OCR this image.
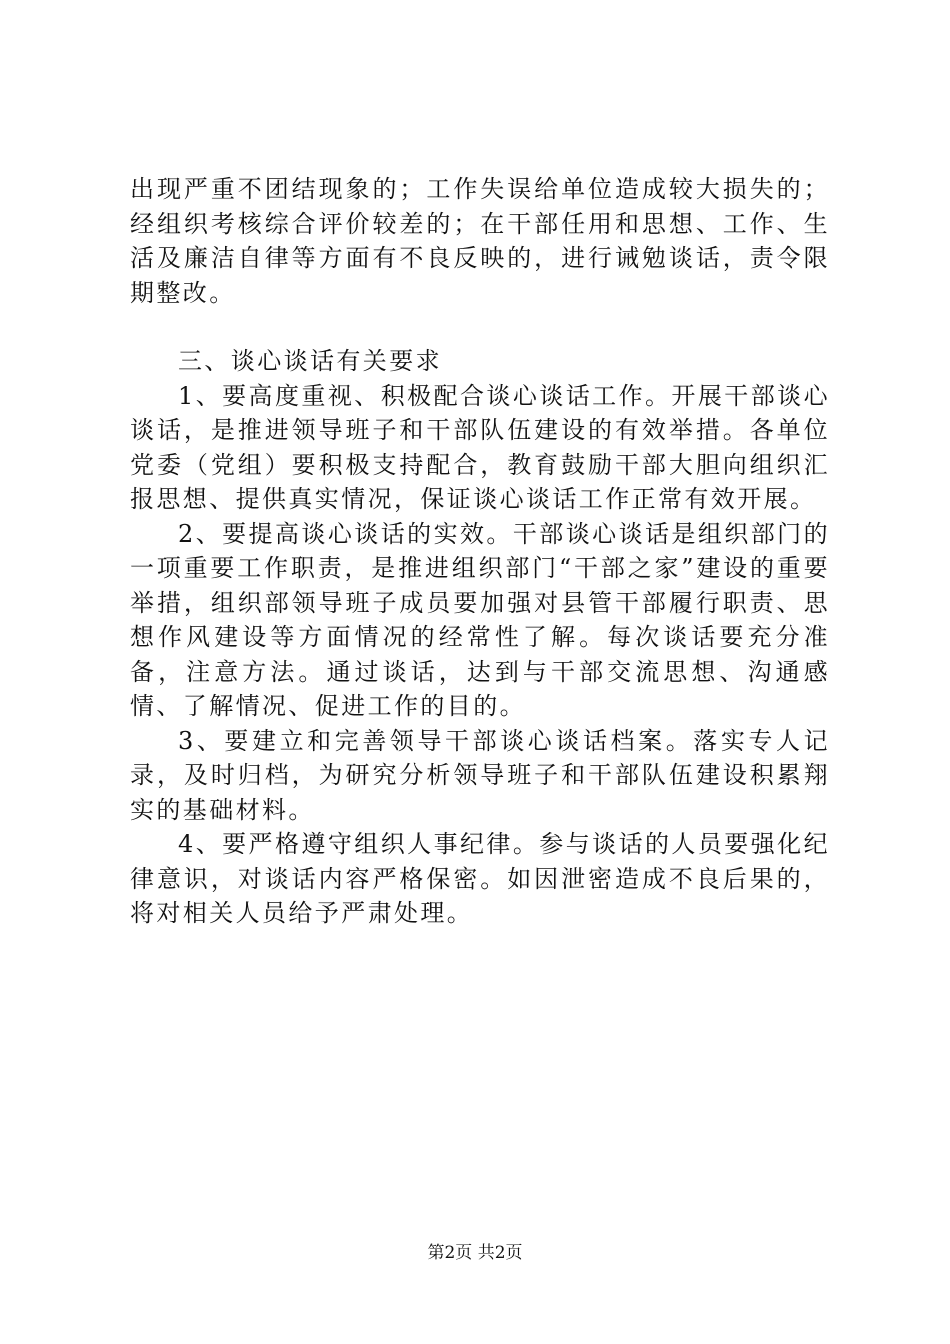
出现严重不团结现象的；工作失误给单位造成较大损失的；经组织考核综合评价较差的；在干部任用和思想、工作、生活及廉洁自律等方面有不良反映的，进行诫勉谈话，责令限期整改。

三、谈心谈话有关要求

1、要高度重视、积极配合谈心谈话工作。开展干部谈心谈话，是推进领导班子和干部队伍建设的有效举措。各单位党委（党组）要积极支持配合，教育鼓励干部大胆向组织汇报思想、提供真实情况，保证谈心谈话工作正常有效开展。

2、要提高谈心谈话的实效。干部谈心谈话是组织部门的一项重要工作职责，是推进组织部门“干部之家”建设的重要举措，组织部领导班子成员要加强对县管干部履行职责、思想作风建设等方面情况的经常性了解。每次谈话要充分准备，注意方法。通过谈话，达到与干部交流思想、沟通感情、了解情况、促进工作的目的。

3、要建立和完善领导干部谈心谈话档案。落实专人记录，及时归档，为研究分析领导班子和干部队伍建设积累翔实的基础材料。

4、要严格遵守组织人事纪律。参与谈话的人员要强化纪律意识，对谈话内容严格保密。如因泄密造成不良后果的，将对相关人员给予严肃处理。

第2页 共2页
